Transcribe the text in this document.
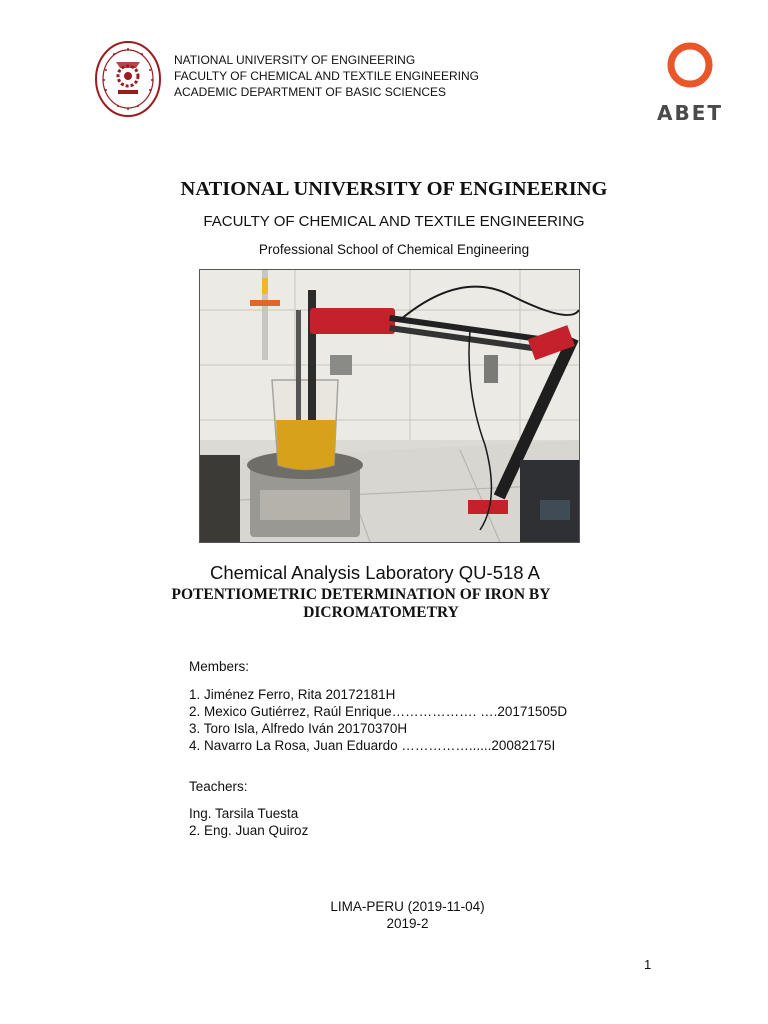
NATIONAL UNIVERSITY OF ENGINEERING
FACULTY OF CHEMICAL AND TEXTILE ENGINEERING
ACADEMIC DEPARTMENT OF BASIC SCIENCES
ABET
NATIONAL UNIVERSITY OF ENGINEERING
FACULTY OF CHEMICAL AND TEXTILE ENGINEERING
Professional School of Chemical Engineering
Chemical Analysis Laboratory QU-518 A
POTENTIOMETRIC DETERMINATION OF IRON BY
DICROMATOMETRY
Members:
1. Jiménez Ferro, Rita 20172181H
2. Mexico Gutiérrez, Raúl Enrique………………. ….20171505D
3. Toro Isla, Alfredo Iván 20170370H
4. Navarro La Rosa, Juan Eduardo ……………......20082175I
Teachers:
Ing. Tarsila Tuesta
2. Eng. Juan Quiroz
LIMA-PERU (2019-11-04)
2019-2
1
